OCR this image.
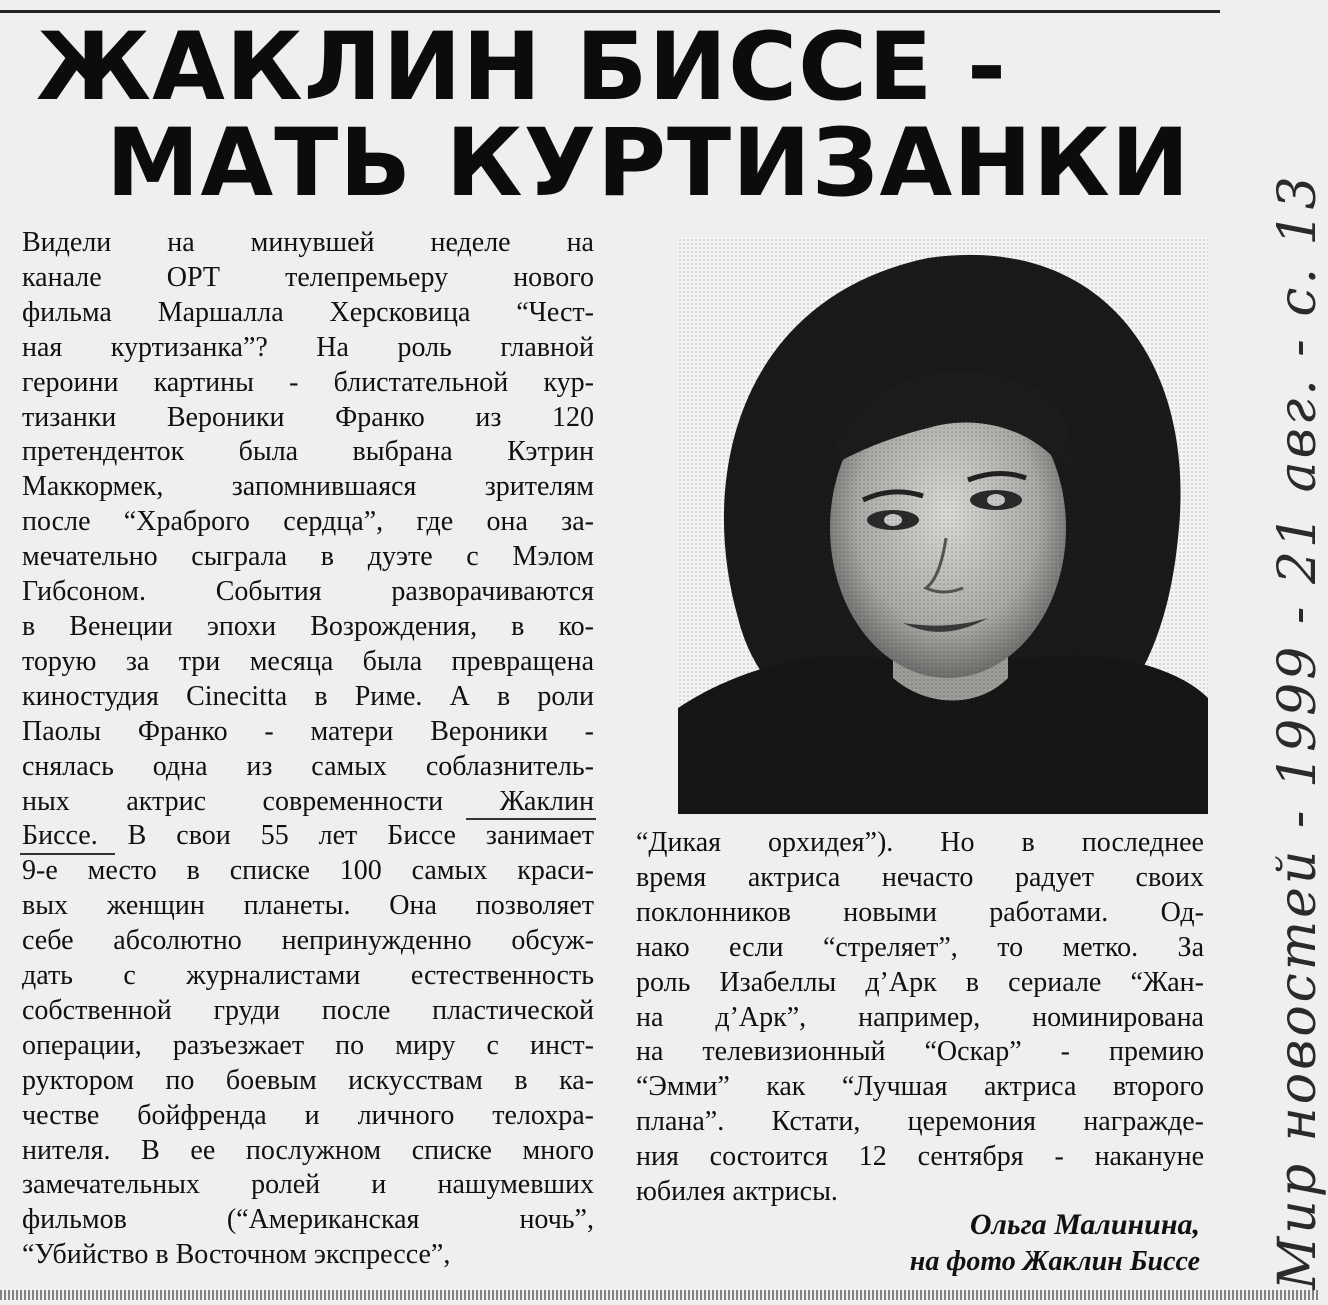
ЖАКЛИН БИССЕ -
МАТЬ КУРТИЗАНКИ
Видели на минувшей неделе на
канале ОРТ телепремьеру нового
фильма Маршалла Херсковица “Чест-
ная куртизанка”? На роль главной
героини картины - блистательной кур-
тизанки Вероники Франко из 120
претенденток была выбрана Кэтрин
Маккормек, запомнившаяся зрителям
после “Храброго сердца”, где она за-
мечательно сыграла в дуэте с Мэлом
Гибсоном. События разворачиваются
в Венеции эпохи Возрождения, в ко-
торую за три месяца была превращена
киностудия Cinecitta в Риме. А в роли
Паолы Франко - матери Вероники -
снялась одна из самых соблазнитель-
ных актрис современности Жаклин
Биссе. В свои 55 лет Биссе занимает
9-е место в списке 100 самых краси-
вых женщин планеты. Она позволяет
себе абсолютно непринужденно обсуж-
дать с журналистами естественность
собственной груди после пластической
операции, разъезжает по миру с инст-
руктором по боевым искусствам в ка-
честве бойфренда и личного телохра-
нителя. В ее послужном списке много
замечательных ролей и нашумевших
фильмов (“Американская ночь”,
“Убийство в Восточном экспрессе”,
“Дикая орхидея”). Но в последнее
время актриса нечасто радует своих
поклонников новыми работами. Од-
нако если “стреляет”, то метко. За
роль Изабеллы д’Арк в сериале “Жан-
на д’Арк”, например, номинирована
на телевизионный “Оскар” - премию
“Эмми” как “Лучшая актриса второго
плана”. Кстати, церемония награжде-
ния состоится 12 сентября - накануне
юбилея актрисы.

Ольга Малинина,

на фото Жаклин Биссе Мир новостей - 1999 - 21 авг. - с. 13
